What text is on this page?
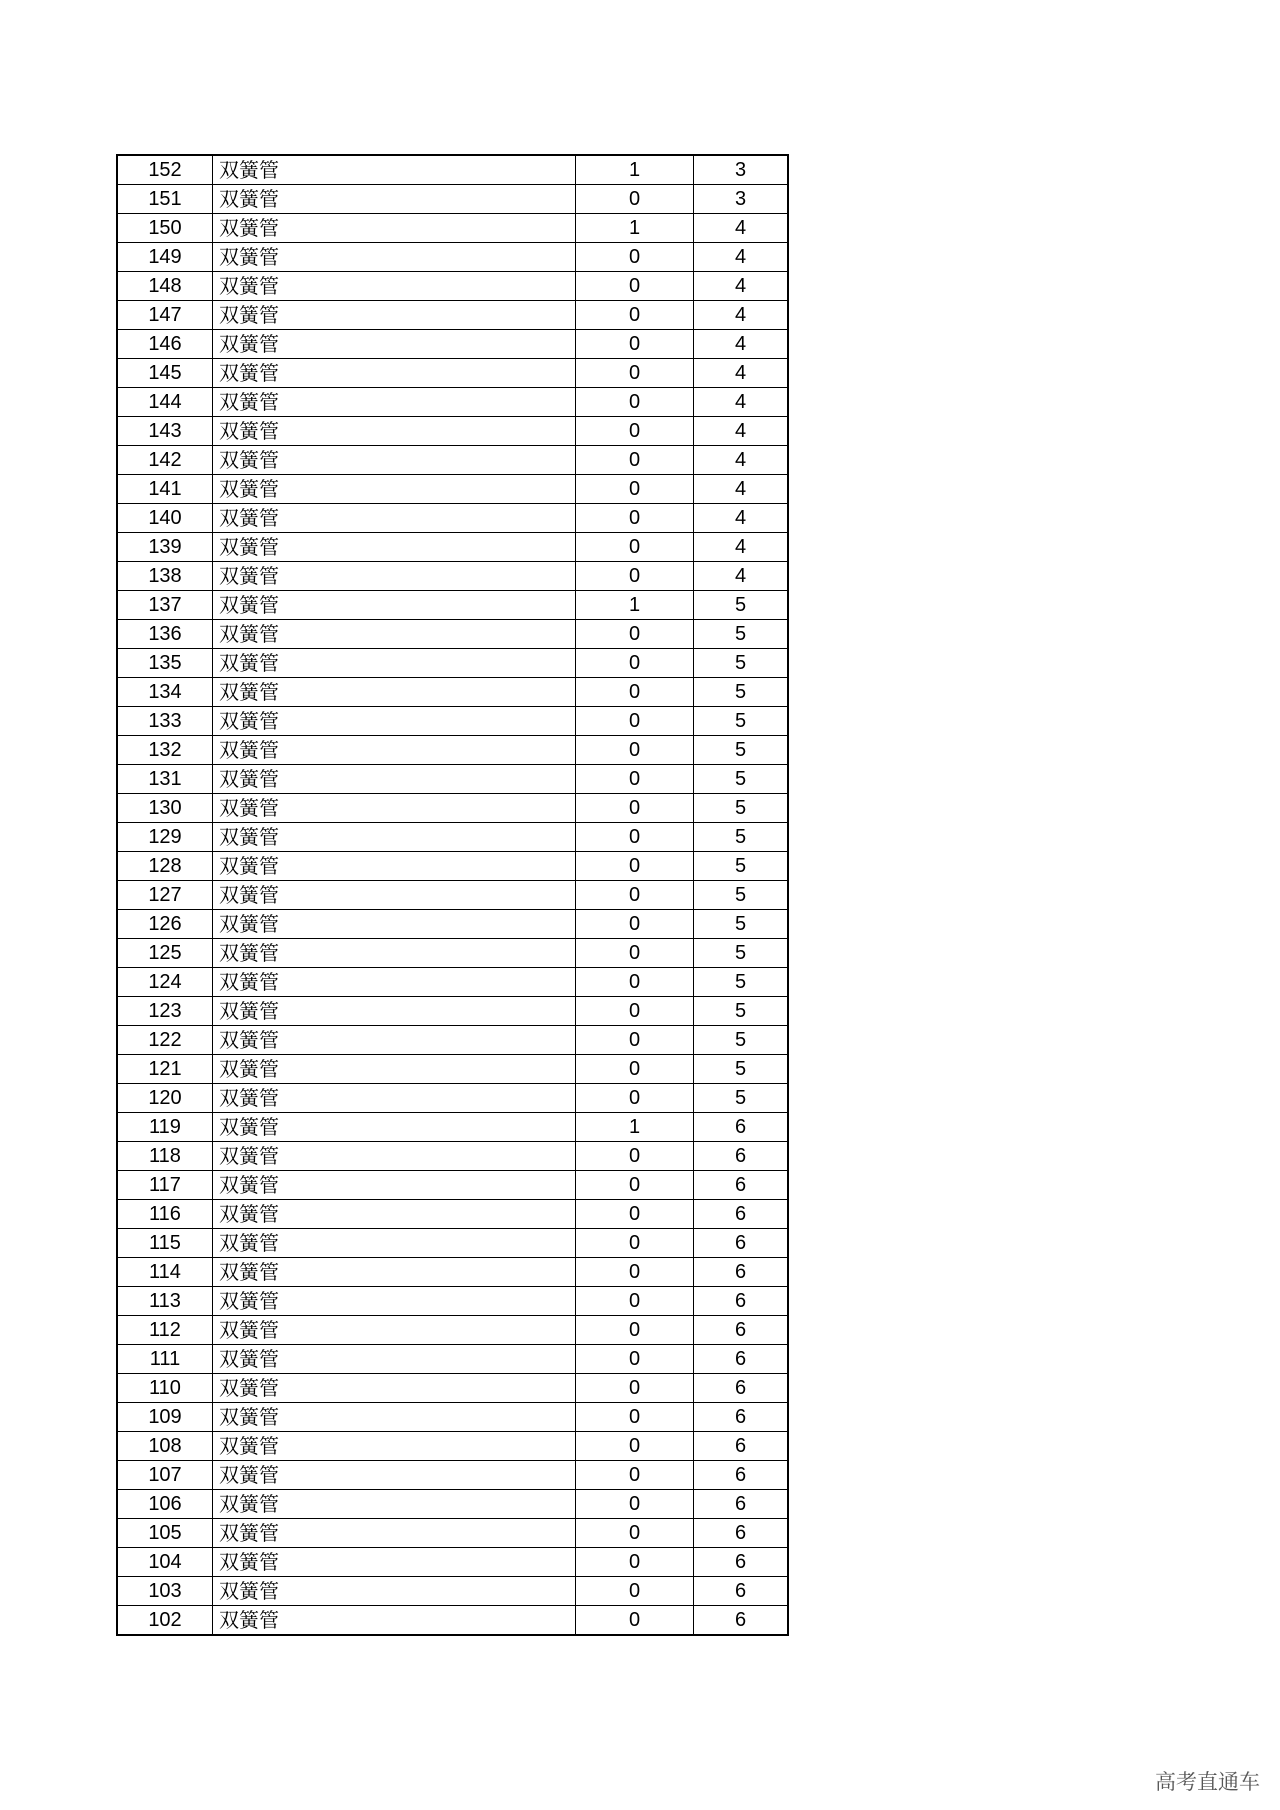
152	双簧管	1	3
151	双簧管	0	3
150	双簧管	1	4
149	双簧管	0	4
148	双簧管	0	4
147	双簧管	0	4
146	双簧管	0	4
145	双簧管	0	4
144	双簧管	0	4
143	双簧管	0	4
142	双簧管	0	4
141	双簧管	0	4
140	双簧管	0	4
139	双簧管	0	4
138	双簧管	0	4
137	双簧管	1	5
136	双簧管	0	5
135	双簧管	0	5
134	双簧管	0	5
133	双簧管	0	5
132	双簧管	0	5
131	双簧管	0	5
130	双簧管	0	5
129	双簧管	0	5
128	双簧管	0	5
127	双簧管	0	5
126	双簧管	0	5
125	双簧管	0	5
124	双簧管	0	5
123	双簧管	0	5
122	双簧管	0	5
121	双簧管	0	5
120	双簧管	0	5
119	双簧管	1	6
118	双簧管	0	6
117	双簧管	0	6
116	双簧管	0	6
115	双簧管	0	6
114	双簧管	0	6
113	双簧管	0	6
112	双簧管	0	6
111	双簧管	0	6
110	双簧管	0	6
109	双簧管	0	6
108	双簧管	0	6
107	双簧管	0	6
106	双簧管	0	6
105	双簧管	0	6
104	双簧管	0	6
103	双簧管	0	6
102	双簧管	0	6
高考直通车
